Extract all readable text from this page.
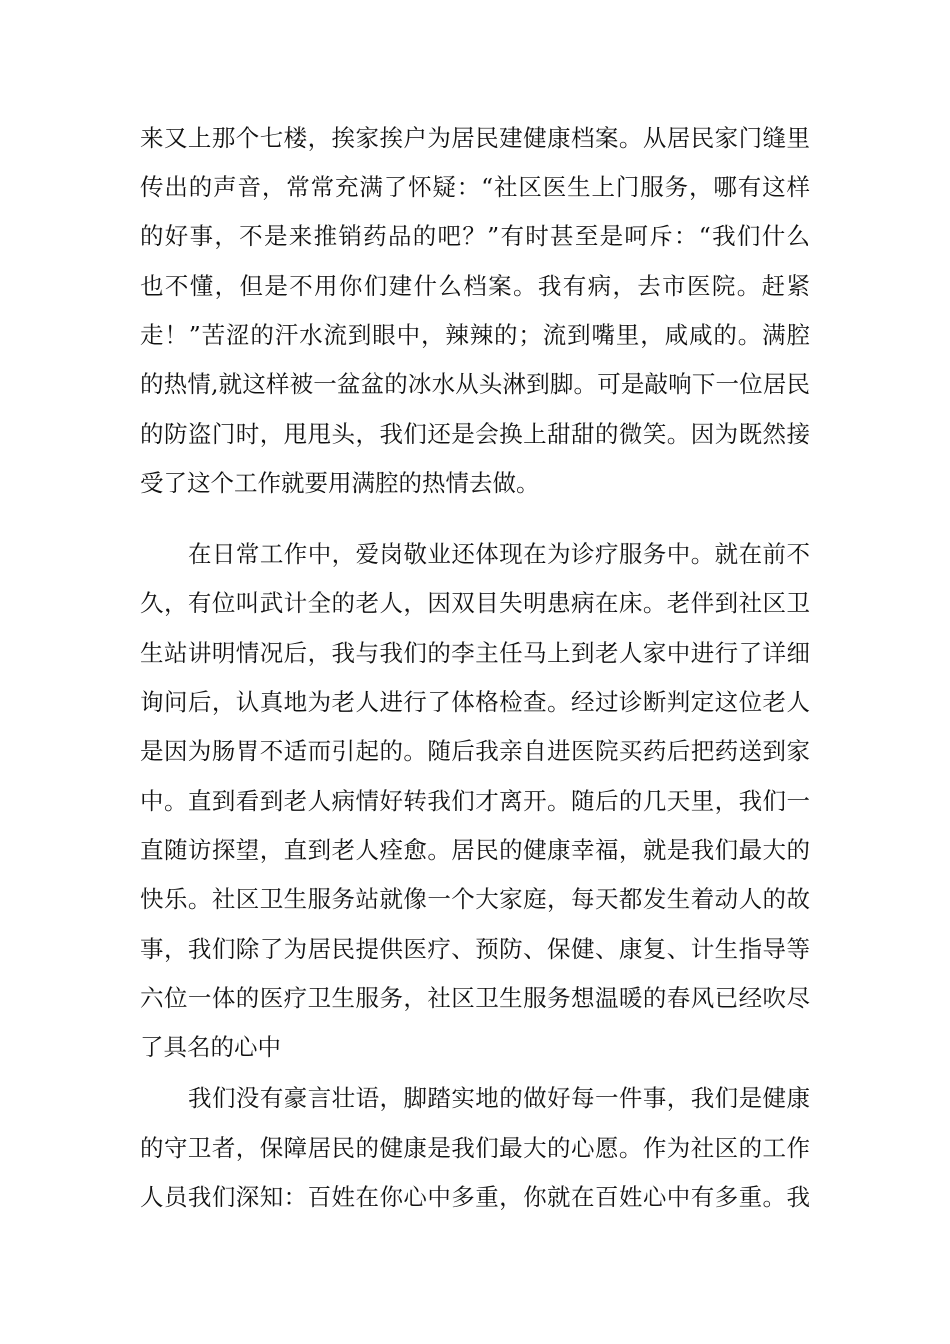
来又上那个七楼，挨家挨户为居民建健康档案。从居民家门缝里
传出的声音，常常充满了怀疑：“社区医生上门服务，哪有这样
的好事，不是来推销药品的吧？”有时甚至是呵斥：“我们什么
也不懂，但是不用你们建什么档案。我有病，去市医院。赶紧
走！”苦涩的汗水流到眼中，辣辣的；流到嘴里，咸咸的。满腔
的热情,就这样被一盆盆的冰水从头淋到脚。可是敲响下一位居民
的防盗门时，甩甩头，我们还是会换上甜甜的微笑。因为既然接
受了这个工作就要用满腔的热情去做。
在日常工作中，爱岗敬业还体现在为诊疗服务中。就在前不
久，有位叫武计全的老人，因双目失明患病在床。老伴到社区卫
生站讲明情况后，我与我们的李主任马上到老人家中进行了详细
询问后，认真地为老人进行了体格检查。经过诊断判定这位老人
是因为肠胃不适而引起的。随后我亲自进医院买药后把药送到家
中。直到看到老人病情好转我们才离开。随后的几天里，我们一
直随访探望，直到老人痊愈。居民的健康幸福，就是我们最大的
快乐。社区卫生服务站就像一个大家庭，每天都发生着动人的故
事，我们除了为居民提供医疗、预防、保健、康复、计生指导等
六位一体的医疗卫生服务，社区卫生服务想温暖的春风已经吹尽
了具名的心中
我们没有豪言壮语，脚踏实地的做好每一件事，我们是健康
的守卫者，保障居民的健康是我们最大的心愿。作为社区的工作
人员我们深知：百姓在你心中多重，你就在百姓心中有多重。我
